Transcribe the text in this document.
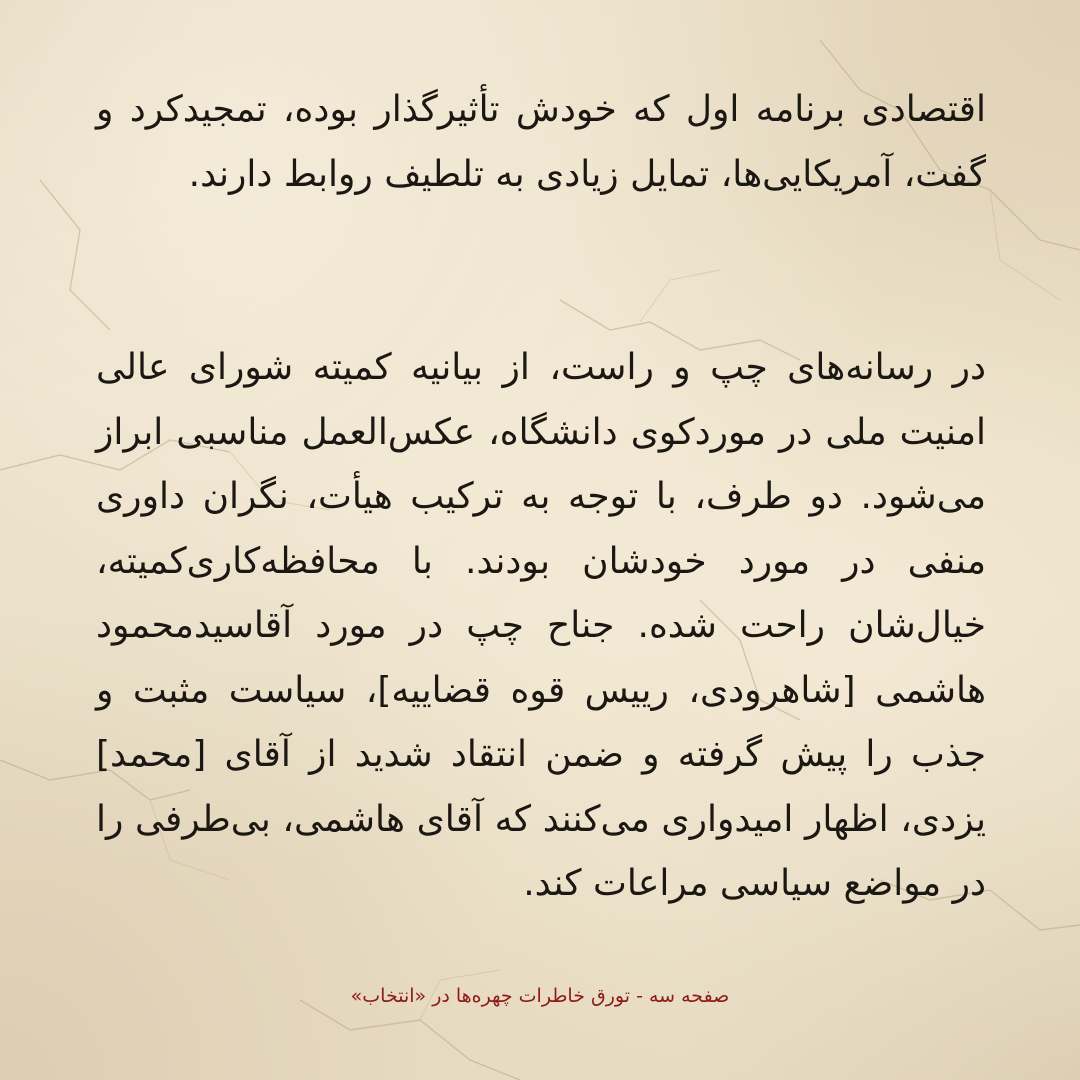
اقتصادی برنامه اول که خودش تأثیرگذار بوده، تمجیدکرد و گفت، آمریکایی‌ها، تمایل زیادی به تلطیف روابط دارند.
در رسانه‌های چپ و راست، از بیانیه کمیته شورای عالی امنیت ملی در موردکوی دانشگاه، عکس‌العمل مناسبی ابراز می‌شود. دو طرف، با توجه به ترکیب هیأت، نگران داوری منفی در مورد خودشان بودند. با محافظه‌کاری‌کمیته، خیال‌شان راحت شده. جناح چپ در مورد آقاسیدمحمود هاشمی [شاهرودی، رییس قوه قضاییه]، سیاست مثبت و جذب را پیش گرفته و ضمن انتقاد شدید از آقای [محمد] یزدی، اظهار امیدواری می‌کنند که آقای هاشمی، بی‌طرفی را در مواضع سیاسی مراعات کند.
صفحه سه - تورق خاطرات چهره‌ها در «انتخاب»
